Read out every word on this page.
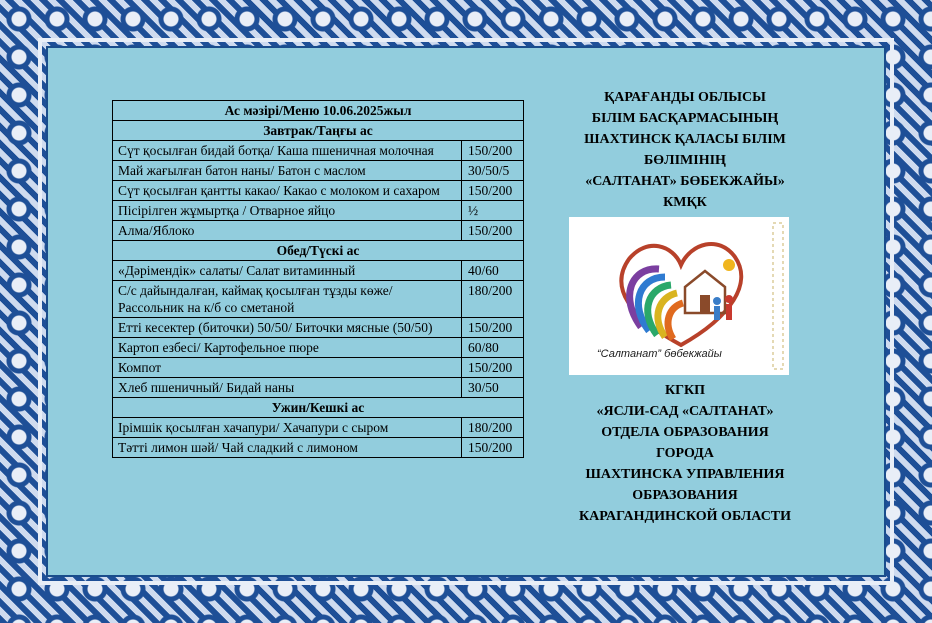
Ас мәзірі/Меню 10.06.2025жыл	
Завтрак/Таңғы ас	
Сүт қосылған бидай ботқа/ Каша пшеничная молочная	150/200
Май жағылған батон наны/ Батон с маслом	30/50/5
Сүт қосылған қантты какао/ Какао с молоком и сахаром	150/200
Пісірілген жұмыртқа / Отварное яйцо	½
Алма/Яблоко	150/200
Обед/Түскі ас	
«Дәрімендік» салаты/ Салат витаминный	40/60
С/с дайындалған, каймақ қосылған тұзды көже/ Рассольник на к/б со сметаной	180/200
Етті кесектер (биточки) 50/50/ Биточки мясные (50/50)	150/200
Картоп езбесі/ Картофельное пюре	60/80
Компот	150/200
Хлеб пшеничный/ Бидай наны	30/50
Ужин/Кешкі ас	
Ірімшік қосылған хачапури/ Хачапури с сыром	180/200
Тәтті лимон шәй/ Чай сладкий с лимоном	150/200
ҚАРАҒАНДЫ ОБЛЫСЫ
БІЛІМ БАСҚАРМАСЫНЫҢ
ШАХТИНСК ҚАЛАСЫ БІЛІМ
БӨЛІМІНІҢ
«САЛТАНАТ» БӨБЕКЖАЙЫ»
КМҚК
“Салтанат” бөбекжайы
КГКП
«ЯСЛИ-САД «САЛТАНАТ»
ОТДЕЛА ОБРАЗОВАНИЯ
ГОРОДА
ШАХТИНСКА УПРАВЛЕНИЯ
ОБРАЗОВАНИЯ
КАРАГАНДИНСКОЙ ОБЛАСТИ
